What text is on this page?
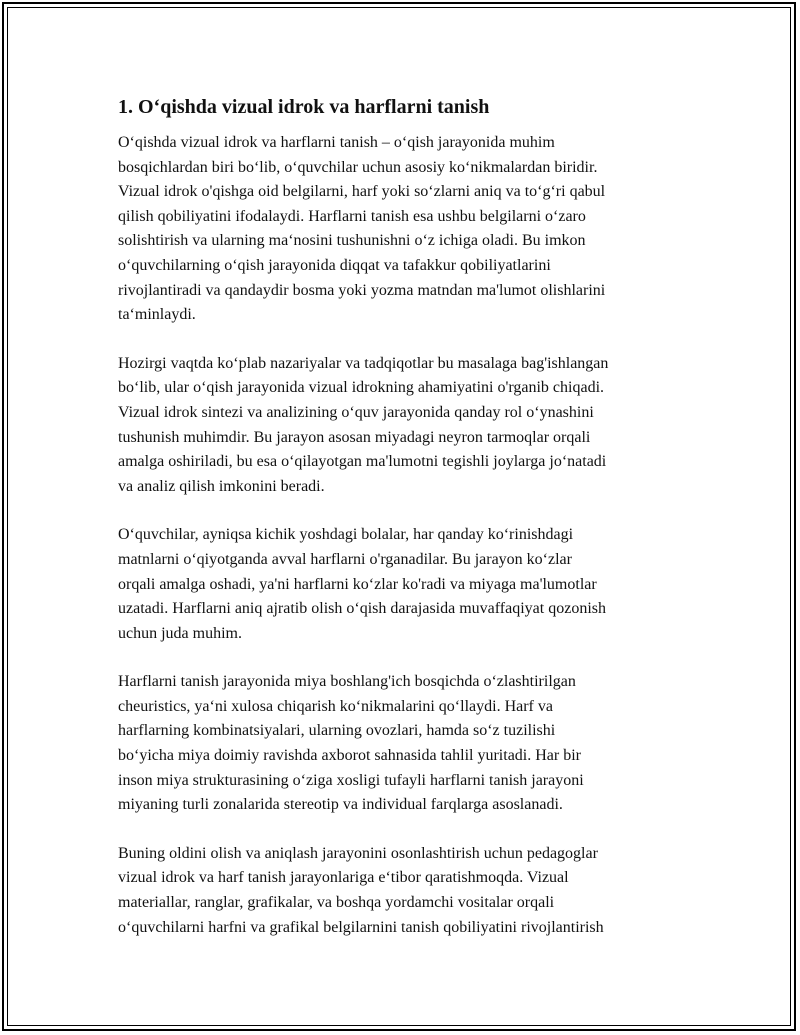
1. O‘qishda vizual idrok va harflarni tanish

O‘qishda vizual idrok va harflarni tanish – o‘qish jarayonida muhim
bosqichlardan biri bo‘lib, o‘quvchilar uchun asosiy ko‘nikmalardan biridir.
Vizual idrok o'qishga oid belgilarni, harf yoki so‘zlarni aniq va to‘g‘ri qabul
qilish qobiliyatini ifodalaydi. Harflarni tanish esa ushbu belgilarni o‘zaro
solishtirish va ularning ma‘nosini tushunishni o‘z ichiga oladi. Bu imkon
o‘quvchilarning o‘qish jarayonida diqqat va tafakkur qobiliyatlarini
rivojlantiradi va qandaydir bosma yoki yozma matndan ma'lumot olishlarini
ta‘minlaydi.

Hozirgi vaqtda ko‘plab nazariyalar va tadqiqotlar bu masalaga bag'ishlangan
bo‘lib, ular o‘qish jarayonida vizual idrokning ahamiyatini o'rganib chiqadi.
Vizual idrok sintezi va analizining o‘quv jarayonida qanday rol o‘ynashini
tushunish muhimdir. Bu jarayon asosan miyadagi neyron tarmoqlar orqali
amalga oshiriladi, bu esa o‘qilayotgan ma'lumotni tegishli joylarga jo‘natadi
va analiz qilish imkonini beradi.

O‘quvchilar, ayniqsa kichik yoshdagi bolalar, har qanday ko‘rinishdagi
matnlarni o‘qiyotganda avval harflarni o'rganadilar. Bu jarayon ko‘zlar
orqali amalga oshadi, ya'ni harflarni ko‘zlar ko'radi va miyaga ma'lumotlar
uzatadi. Harflarni aniq ajratib olish o‘qish darajasida muvaffaqiyat qozonish
uchun juda muhim.

Harflarni tanish jarayonida miya boshlang'ich bosqichda o‘zlashtirilgan
cheuristics, ya‘ni xulosa chiqarish ko‘nikmalarini qo‘llaydi. Harf va
harflarning kombinatsiyalari, ularning ovozlari, hamda so‘z tuzilishi
bo‘yicha miya doimiy ravishda axborot sahnasida tahlil yuritadi. Har bir
inson miya strukturasining o‘ziga xosligi tufayli harflarni tanish jarayoni
miyaning turli zonalarida stereotip va individual farqlarga asoslanadi.

Buning oldini olish va aniqlash jarayonini osonlashtirish uchun pedagoglar
vizual idrok va harf tanish jarayonlariga e‘tibor qaratishmoqda. Vizual
materiallar, ranglar, grafikalar, va boshqa yordamchi vositalar orqali
o‘quvchilarni harfni va grafikal belgilarnini tanish qobiliyatini rivojlantirish
